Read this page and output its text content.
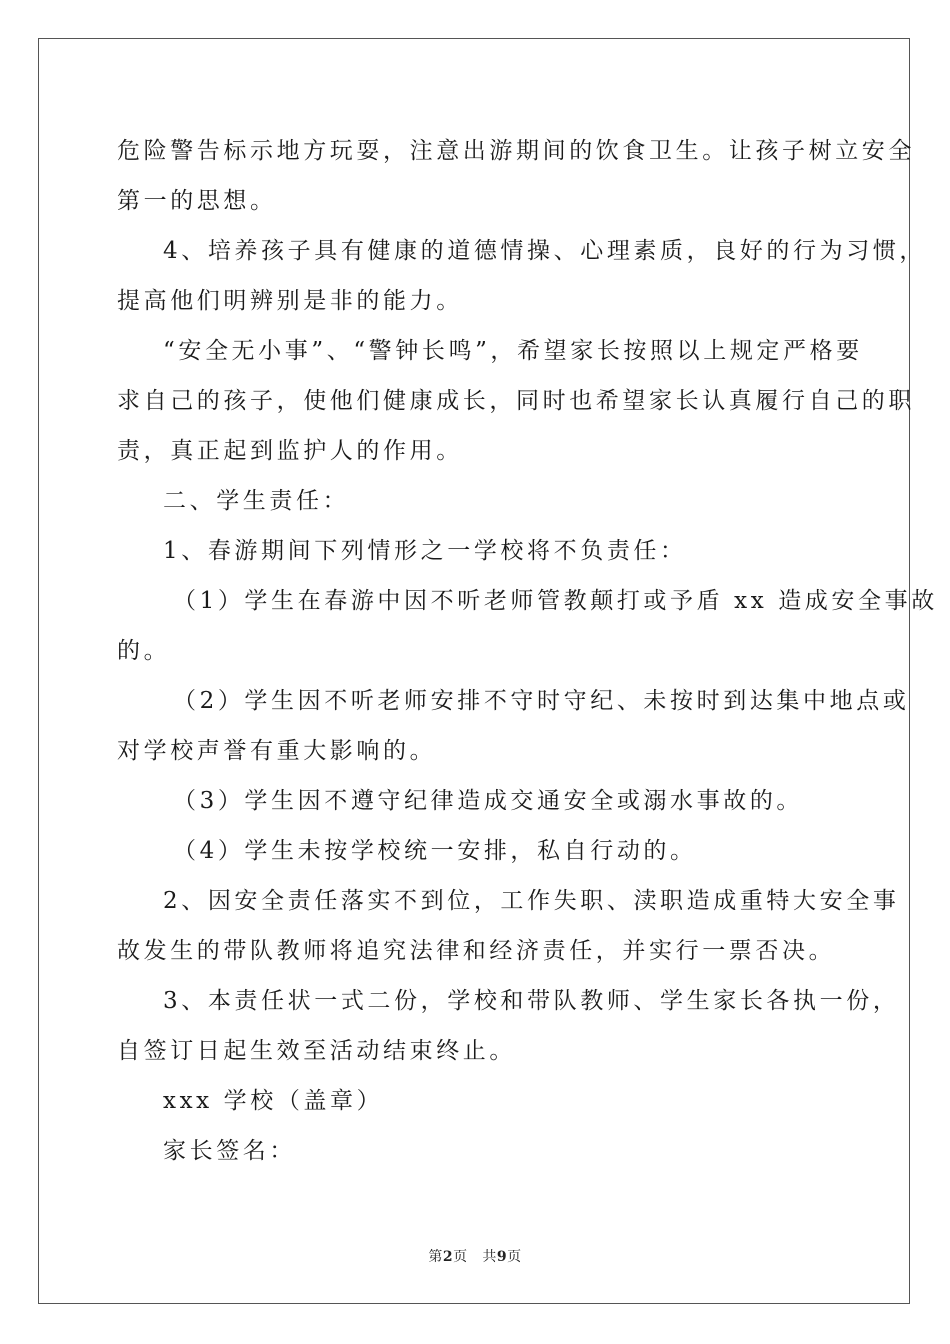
危险警告标示地方玩耍，注意出游期间的饮食卫生。让孩子树立安全
第一的思想。
4、培养孩子具有健康的道德情操、心理素质，良好的行为习惯，
提高他们明辨别是非的能力。
“安全无小事”、“警钟长鸣”，希望家长按照以上规定严格要
求自己的孩子，使他们健康成长，同时也希望家长认真履行自己的职
责，真正起到监护人的作用。
二、学生责任：
1、春游期间下列情形之一学校将不负责任：
（1）学生在春游中因不听老师管教颠打或予盾 xx 造成安全事故
的。
（2）学生因不听老师安排不守时守纪、未按时到达集中地点或
对学校声誉有重大影响的。
（3）学生因不遵守纪律造成交通安全或溺水事故的。
（4）学生未按学校统一安排，私自行动的。
2、因安全责任落实不到位，工作失职、渎职造成重特大安全事
故发生的带队教师将追究法律和经济责任，并实行一票否决。
3、本责任状一式二份，学校和带队教师、学生家长各执一份，
自签订日起生效至活动结束终止。
xxx 学校（盖章）
家长签名：
第2页 共9页
